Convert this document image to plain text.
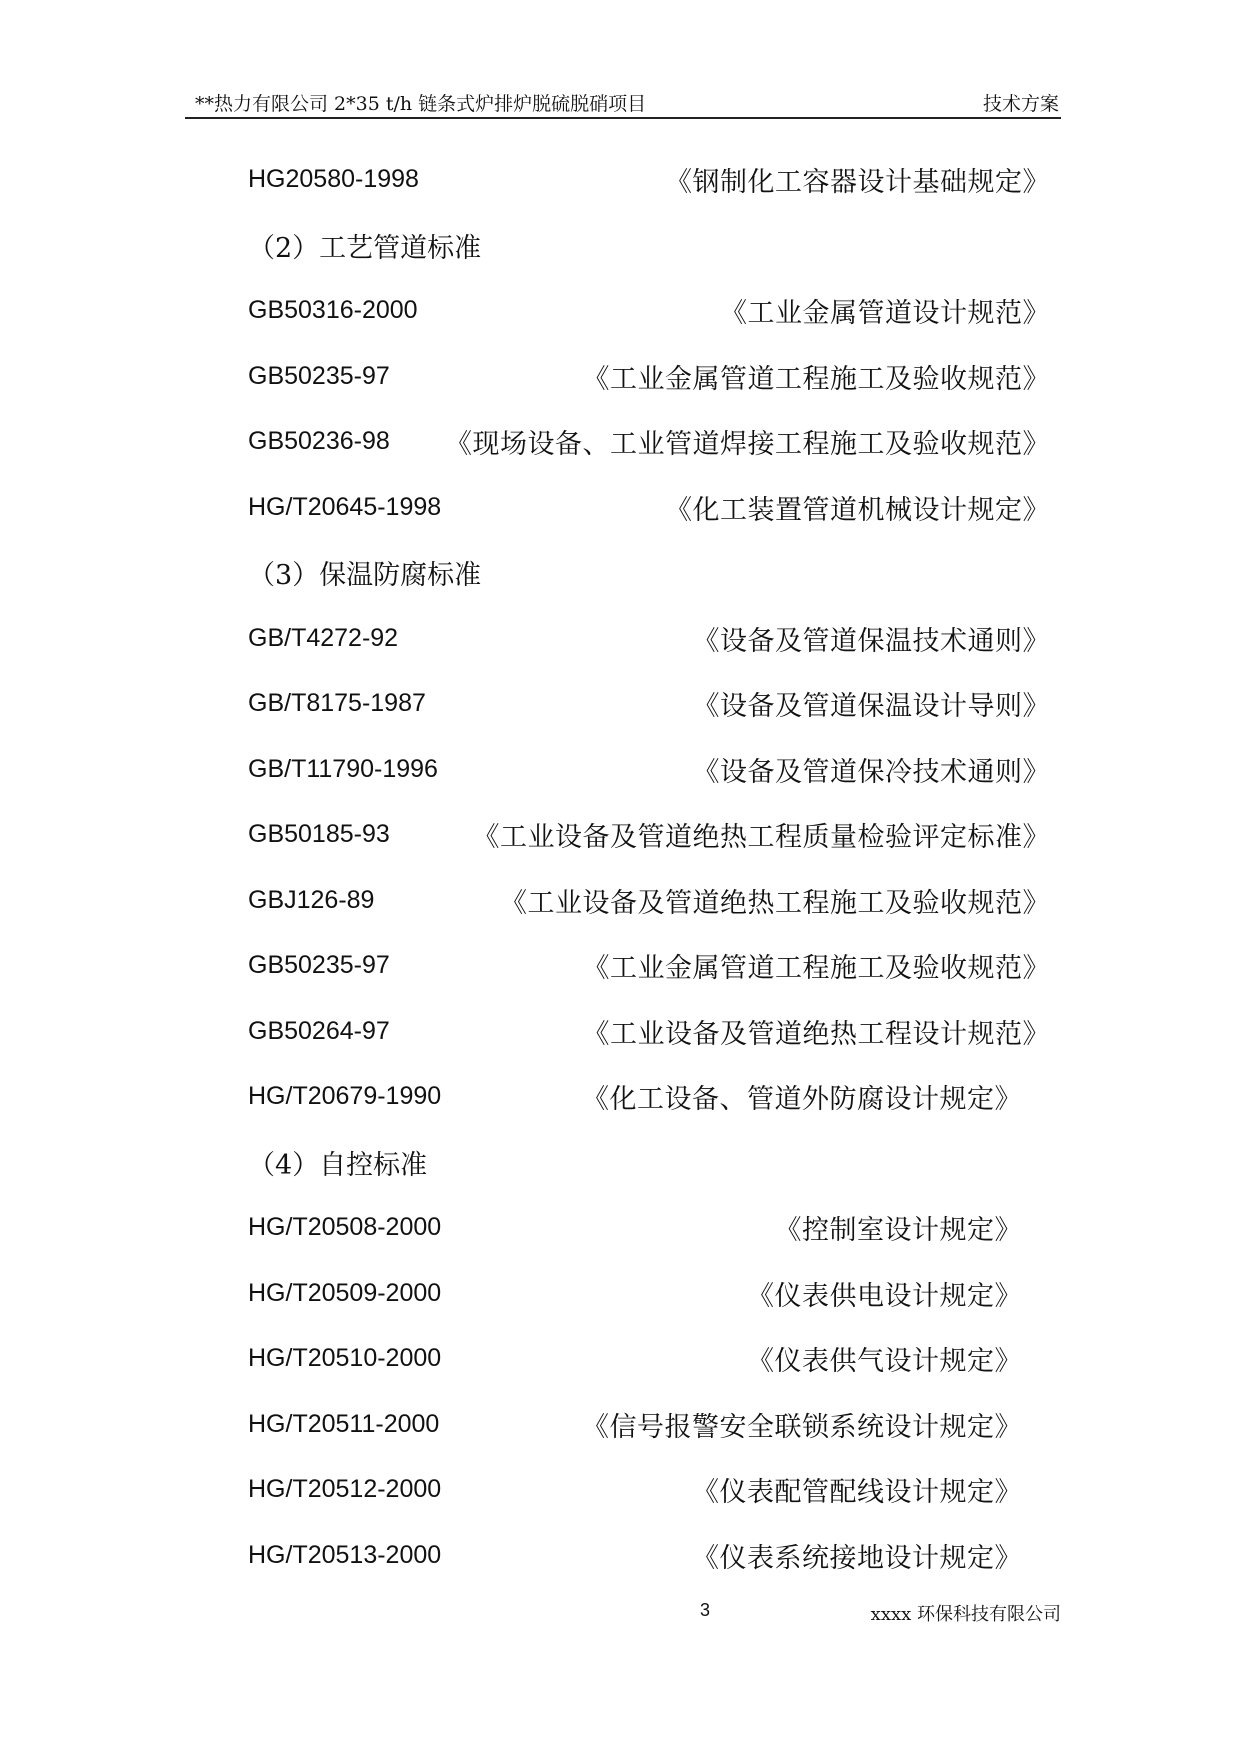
**热力有限公司 2*35 t/h 链条式炉排炉脱硫脱硝项目	技术方案
HG20580-1998	《钢制化工容器设计基础规定》
（2）工艺管道标准
GB50316-2000	《工业金属管道设计规范》
GB50235-97	《工业金属管道工程施工及验收规范》
GB50236-98 《现场设备、工业管道焊接工程施工及验收规范》
HG/T20645-1998	《化工装置管道机械设计规定》
（3）保温防腐标准
GB/T4272-92	《设备及管道保温技术通则》
GB/T8175-1987	《设备及管道保温设计导则》
GB/T11790-1996	《设备及管道保冷技术通则》
GB50185-93	《工业设备及管道绝热工程质量检验评定标准》
GBJ126-89	《工业设备及管道绝热工程施工及验收规范》
GB50235-97	《工业金属管道工程施工及验收规范》
GB50264-97	《工业设备及管道绝热工程设计规范》
HG/T20679-1990	《化工设备、管道外防腐设计规定》
（4）自控标准
HG/T20508-2000	《控制室设计规定》
HG/T20509-2000	《仪表供电设计规定》
HG/T20510-2000	《仪表供气设计规定》
HG/T20511-2000	《信号报警安全联锁系统设计规定》
HG/T20512-2000	《仪表配管配线设计规定》
HG/T20513-2000	《仪表系统接地设计规定》
3	xxxx 环保科技有限公司
